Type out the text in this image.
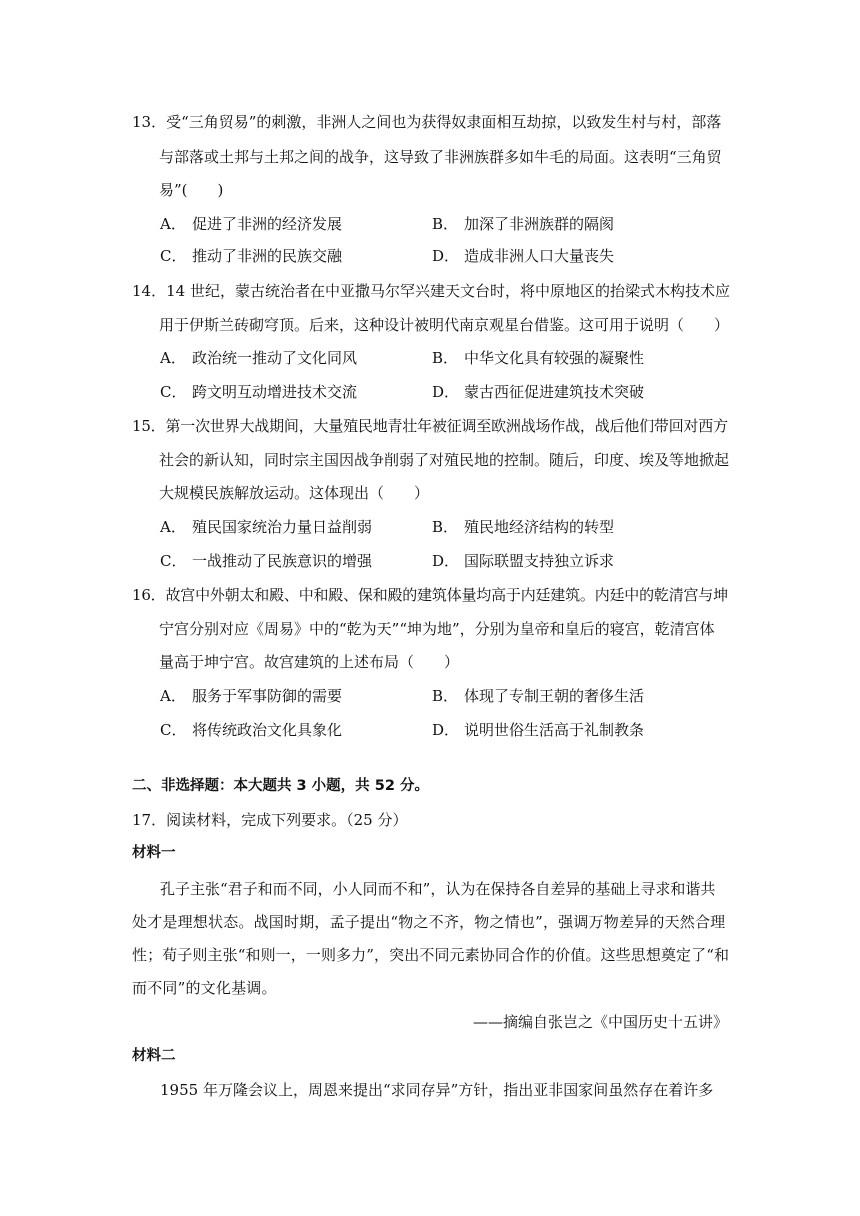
13．受“三角贸易”的刺激，非洲人之间也为获得奴隶面相互劫掠，以致发生村与村，部落
与部落或土邦与土邦之间的战争，这导致了非洲族群多如牛毛的局面。这表明“三角贸
易”(　　)
A． 促进了非洲的经济发展	B． 加深了非洲族群的隔阂
C． 推动了非洲的民族交融	D． 造成非洲人口大量丧失
14．14 世纪，蒙古统治者在中亚撒马尔罕兴建天文台时，将中原地区的抬梁式木构技术应
用于伊斯兰砖砌穹顶。后来，这种设计被明代南京观星台借鉴。这可用于说明（　　）
A． 政治统一推动了文化同风	B． 中华文化具有较强的凝聚性
C． 跨文明互动增进技术交流	D． 蒙古西征促进建筑技术突破
15．第一次世界大战期间，大量殖民地青壮年被征调至欧洲战场作战，战后他们带回对西方
社会的新认知，同时宗主国因战争削弱了对殖民地的控制。随后，印度、埃及等地掀起
大规模民族解放运动。这体现出（　　）
A． 殖民国家统治力量日益削弱	B． 殖民地经济结构的转型
C． 一战推动了民族意识的增强	D． 国际联盟支持独立诉求
16．故宫中外朝太和殿、中和殿、保和殿的建筑体量均高于内廷建筑。内廷中的乾清宫与坤
宁宫分别对应《周易》中的“乾为天”“坤为地”，分别为皇帝和皇后的寝宫，乾清宫体
量高于坤宁宫。故宫建筑的上述布局（　　）
A． 服务于军事防御的需要	B． 体现了专制王朝的奢侈生活
C． 将传统政治文化具象化	D． 说明世俗生活高于礼制教条
二、非选择题：本大题共 3 小题，共 52 分。
17．阅读材料，完成下列要求。（25 分）
材料一
孔子主张“君子和而不同，小人同而不和”，认为在保持各自差异的基础上寻求和谐共
处才是理想状态。战国时期，孟子提出“物之不齐，物之情也”，强调万物差异的天然合理
性；荀子则主张“和则一，一则多力”，突出不同元素协同合作的价值。这些思想奠定了“和
而不同”的文化基调。
——摘编自张岂之《中国历史十五讲》
材料二
1955 年万隆会议上，周恩来提出“求同存异”方针，指出亚非国家间虽然存在着许多
